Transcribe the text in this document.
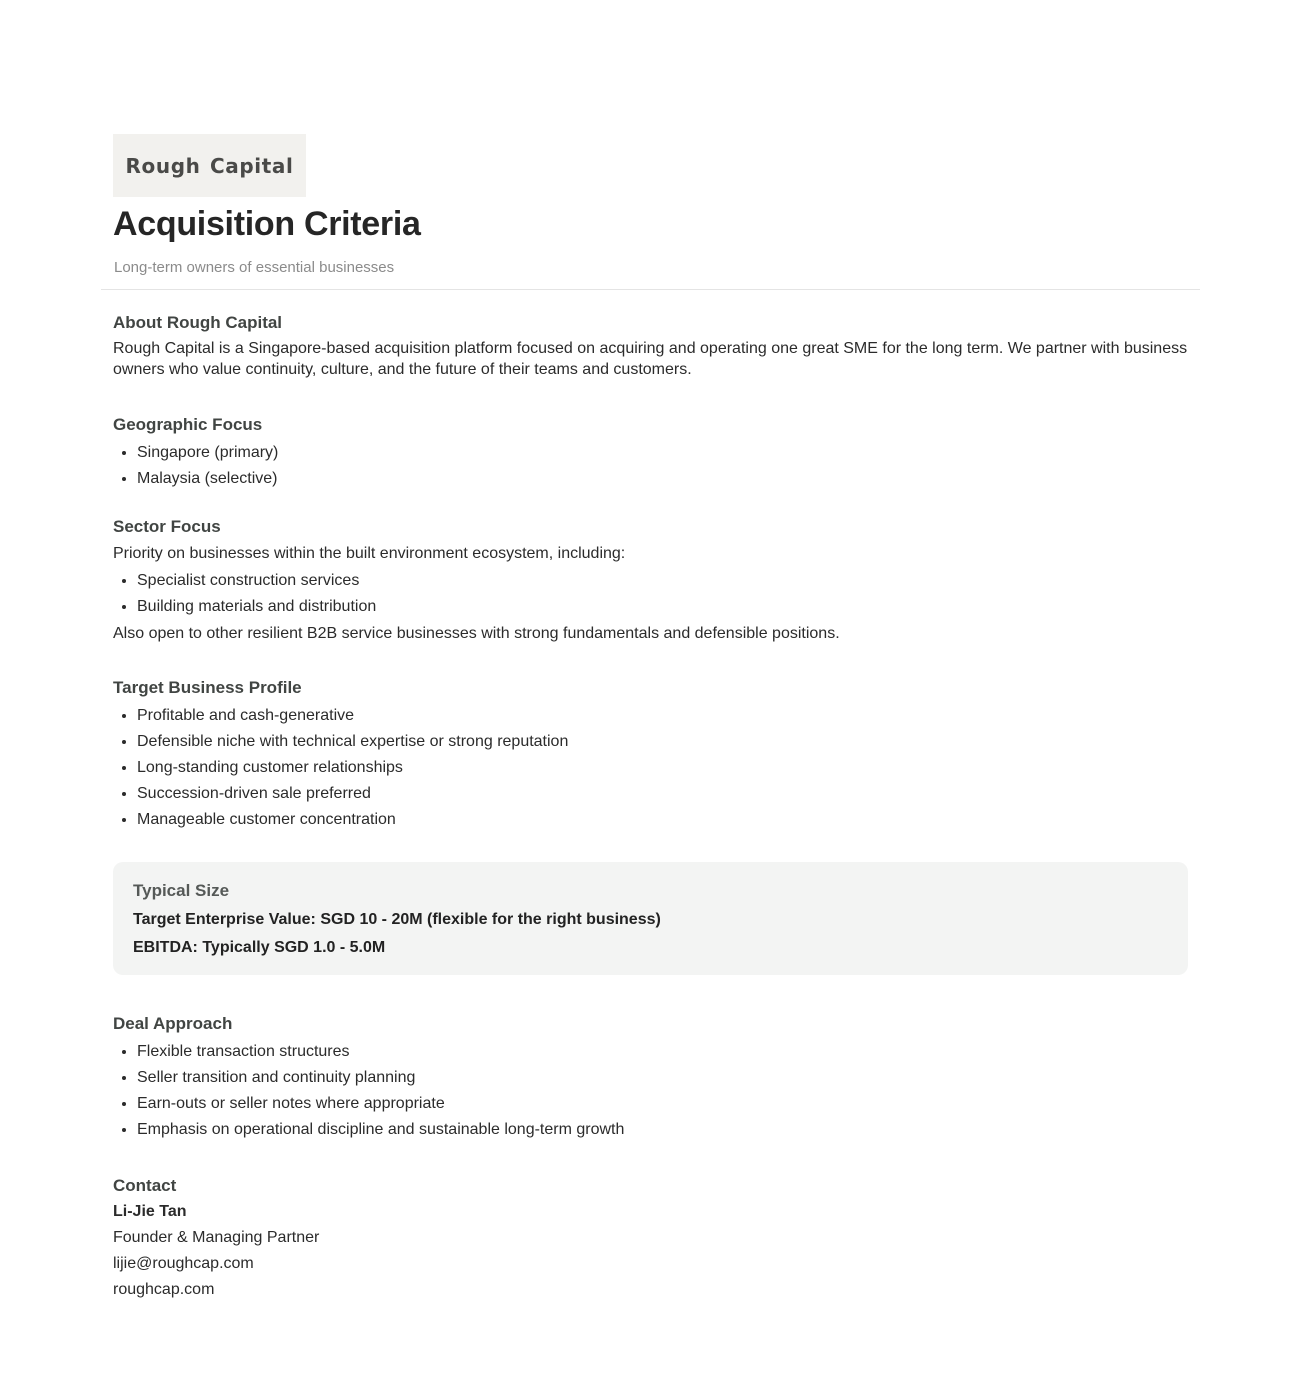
Rough Capital
Acquisition Criteria
Long-term owners of essential businesses
About Rough Capital
Rough Capital is a Singapore-based acquisition platform focused on acquiring and operating one great SME for the long term. We partner with business owners who value continuity, culture, and the future of their teams and customers.
Geographic Focus
• Singapore (primary)
• Malaysia (selective)
Sector Focus
Priority on businesses within the built environment ecosystem, including:
• Specialist construction services
• Building materials and distribution
Also open to other resilient B2B service businesses with strong fundamentals and defensible positions.
Target Business Profile
• Profitable and cash-generative
• Defensible niche with technical expertise or strong reputation
• Long-standing customer relationships
• Succession-driven sale preferred
• Manageable customer concentration
Typical Size
Target Enterprise Value: SGD 10 - 20M (flexible for the right business)
EBITDA: Typically SGD 1.0 - 5.0M
Deal Approach
• Flexible transaction structures
• Seller transition and continuity planning
• Earn-outs or seller notes where appropriate
• Emphasis on operational discipline and sustainable long-term growth
Contact
Li-Jie Tan
Founder & Managing Partner
lijie@roughcap.com
roughcap.com
